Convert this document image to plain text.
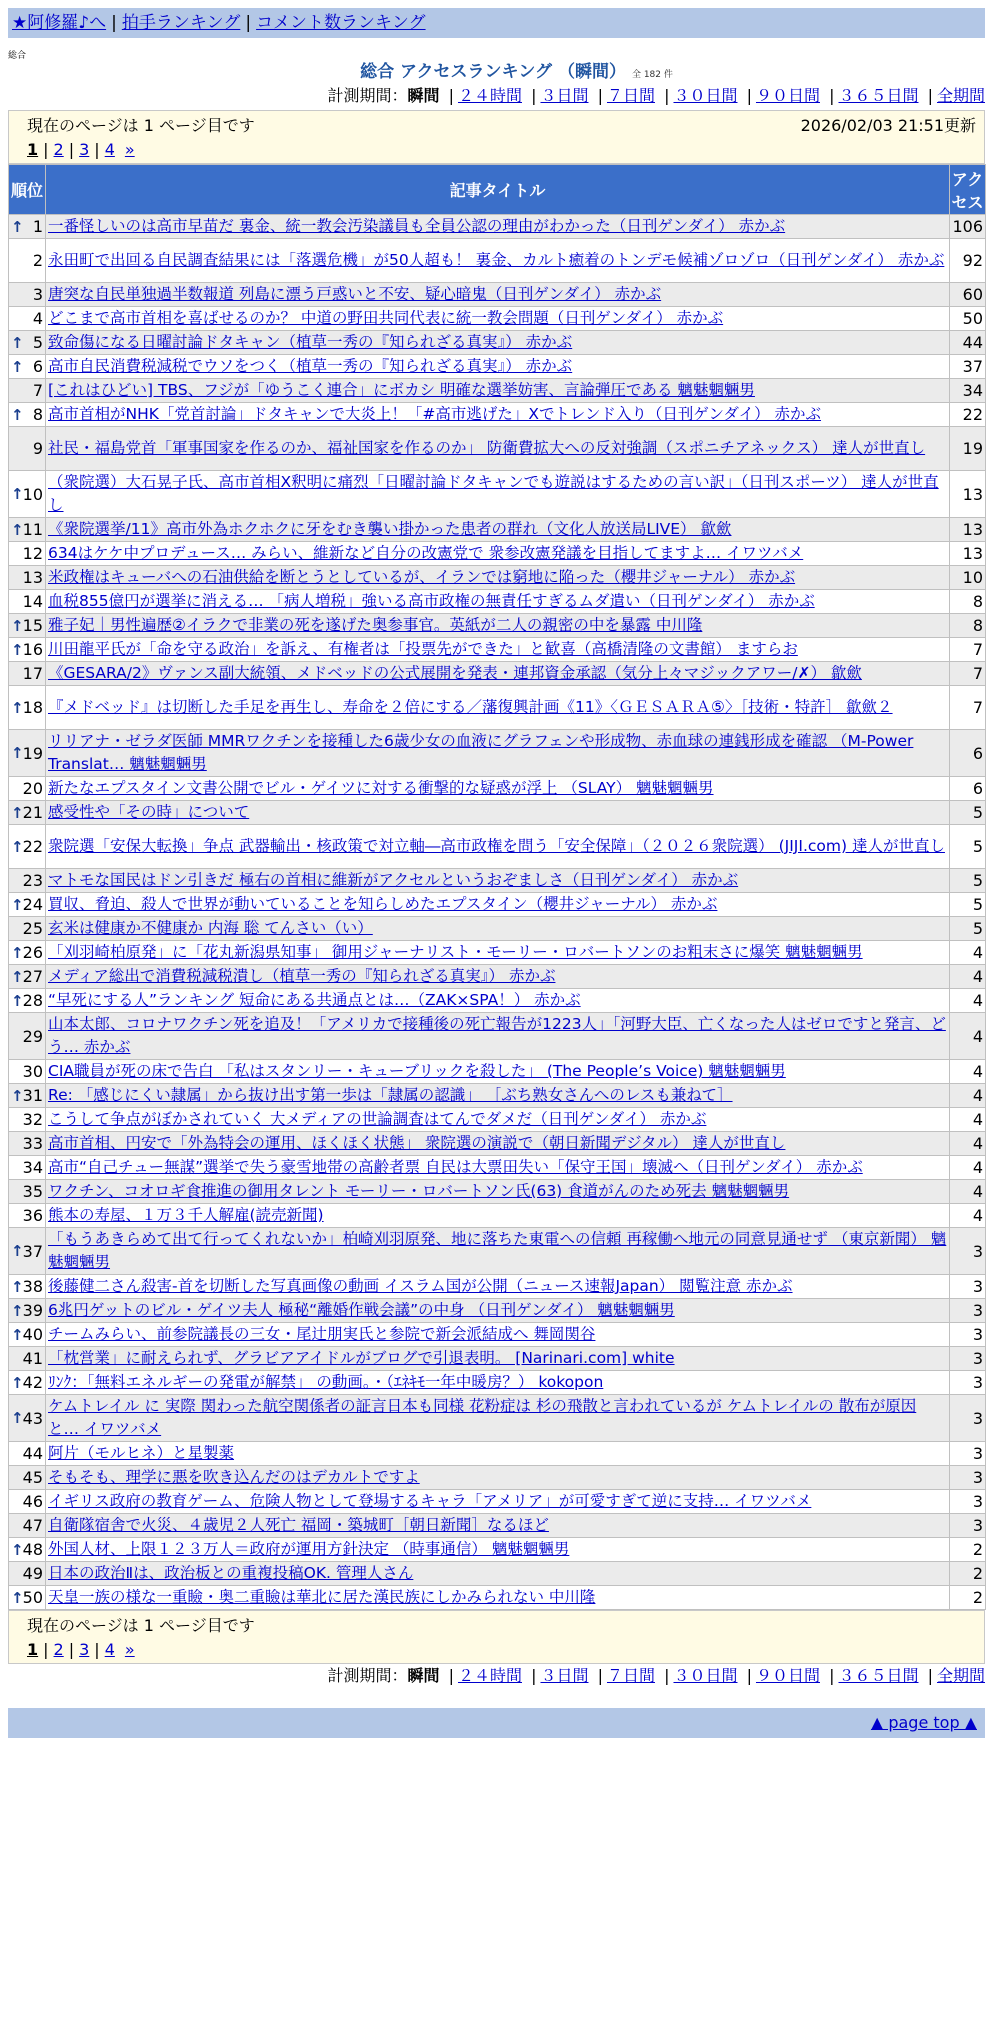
★阿修羅♪へ | 拍手ランキング | コメント数ランキング
総合
総合 アクセスランキング （瞬間） 全 182 件
計測期間：瞬間 | ２４時間 | ３日間 | ７日間 | ３０日間 | ９０日間 | ３６５日間 | 全期間
現在のページは 1 ページ目です	2026/02/03 21:51更新
1 | 2 | 3 | 4 »
順位	記事タイトル	アクセス

↑ 1	一番怪しいのは高市早苗だ 裏金、統一教会汚染議員も全員公認の理由がわかった（日刊ゲンダイ） 赤かぶ	106
2	永田町で出回る自民調査結果には「落選危機」が50人超も！ 裏金、カルト癒着のトンデモ候補ゾロゾロ（日刊ゲンダイ） 赤かぶ	92
3	唐突な自民単独過半数報道 列島に漂う戸惑いと不安、疑心暗鬼（日刊ゲンダイ） 赤かぶ	60
4	どこまで高市首相を喜ばせるのか？ 中道の野田共同代表に統一教会問題（日刊ゲンダイ） 赤かぶ	50

↑ 5	致命傷になる日曜討論ドタキャン（植草一秀の『知られざる真実』） 赤かぶ	44

↑ 6	高市自民消費税減税でウソをつく（植草一秀の『知られざる真実』） 赤かぶ	37
7	[これはひどい] TBS、フジが「ゆうこく連合」にボカシ 明確な選挙妨害、言論弾圧である 魑魅魍魎男	34

↑ 8	高市首相がNHK「党首討論」ドタキャンで大炎上！「#高市逃げた」Xでトレンド入り（日刊ゲンダイ） 赤かぶ	22
9	社民・福島党首「軍事国家を作るのか、福祉国家を作るのか」 防衛費拡大への反対強調（スポニチアネックス） 達人が世直し	19

↑ 10	（衆院選）大石晃子氏、高市首相X釈明に痛烈「日曜討論ドタキャンでも遊説はするための言い訳」（日刊スポーツ） 達人が世直し	13

↑ 11	《衆院選挙/11》高市外為ホクホクに牙をむき襲い掛かった患者の群れ（文化人放送局LIVE） 歙歛	13
12	634はケケ中プロデュース… みらい、維新など自分の改憲党で 衆参改憲発議を目指してますよ… イワツバメ	13
13	米政権はキューバへの石油供給を断とうとしているが、イランでは窮地に陥った（櫻井ジャーナル） 赤かぶ	10
14	血税855億円が選挙に消える… 「病人増税」強いる高市政権の無責任すぎるムダ遣い（日刊ゲンダイ） 赤かぶ	8

↑ 15	雅子妃｜男性遍歴②イラクで非業の死を遂げた奥参事官。英紙が二人の親密の中を暴露 中川隆	8

↑ 16	川田龍平氏が「命を守る政治」を訴え、有権者は「投票先ができた」と歓喜（高橋清隆の文書館） ますらお	7
17	《GESARA/2》ヴァンス副大統領、メドベッドの公式展開を発表・連邦資金承認（気分上々マジックアワー/✗） 歙歛	7

↑ 18	『メドベッド』は切断した手足を再生し、寿命を２倍にする／藩復興計画《11》〈ＧＥＳＡＲＡ⑤〉［技術・特許］ 歙歛２	7

↑ 19	リリアナ・ゼラダ医師 MMRワクチンを接種した6歳少女の血液にグラフェンや形成物、赤血球の連銭形成を確認 （M-Power Translat… 魑魅魍魎男	6
20	新たなエプスタイン文書公開でビル・ゲイツに対する衝撃的な疑惑が浮上 （SLAY） 魑魅魍魎男	6

↑ 21	感受性や「その時」について	5

↑ 22	衆院選「安保大転換」争点 武器輸出・核政策で対立軸―高市政権を問う「安全保障」（２０２６衆院選） (JIJI.com) 達人が世直し	5
23	マトモな国民はドン引きだ 極右の首相に維新がアクセルというおぞましさ（日刊ゲンダイ） 赤かぶ	5

↑ 24	買収、脅迫、殺人で世界が動いていることを知らしめたエプスタイン（櫻井ジャーナル） 赤かぶ	5
25	玄米は健康か不健康か 内海 聡 てんさい（い）	5

↑ 26	「刈羽崎柏原発」に「花丸新潟県知事」 御用ジャーナリスト・モーリー・ロバートソンのお粗末さに爆笑 魑魅魍魎男	4

↑ 27	メディア総出で消費税減税潰し（植草一秀の『知られざる真実』） 赤かぶ	4

↑ 28	“早死にする人”ランキング 短命にある共通点とは…（ZAK×SPA！） 赤かぶ	4
29	山本太郎、コロナワクチン死を追及！「アメリカで接種後の死亡報告が1223人」「河野大臣、亡くなった人はゼロですと発言、どう… 赤かぶ	4
30	CIA職員が死の床で告白 「私はスタンリー・キューブリックを殺した」 (The People’s Voice) 魑魅魍魎男	4

↑ 31	Re: 「感じにくい隷属」から抜け出す第一歩は「隷属の認識」 ［ぶち熟女さんへのレスも兼ねて］	4
32	こうして争点がぼかされていく 大メディアの世論調査はてんでダメだ（日刊ゲンダイ） 赤かぶ	4
33	高市首相、円安で「外為特会の運用、ほくほく状態」 衆院選の演説で（朝日新聞デジタル） 達人が世直し	4
34	高市“自己チュー無謀”選挙で失う豪雪地帯の高齢者票 自民は大票田失い「保守王国」壊滅へ（日刊ゲンダイ） 赤かぶ	4
35	ワクチン、コオロギ食推進の御用タレント モーリー・ロバートソン氏(63) 食道がんのため死去 魑魅魍魎男	4
36	熊本の寿屋、１万３千人解雇(読売新聞)	4

↑ 37	「もうあきらめて出て行ってくれないか」柏崎刈羽原発、地に落ちた東電への信頼 再稼働へ地元の同意見通せず （東京新聞） 魑魅魍魎男	3

↑ 38	後藤健二さん殺害-首を切断した写真画像の動画 イスラム国が公開（ニュース速報Japan） 閲覧注意 赤かぶ	3

↑ 39	6兆円ゲットのビル・ゲイツ夫人 極秘“離婚作戦会議”の中身 （日刊ゲンダイ） 魑魅魍魎男	3

↑ 40	チームみらい、前参院議長の三女・尾辻朋実氏と参院で新会派結成へ 舞岡関谷	3
41	「枕営業」に耐えられず、グラビアアイドルがブログで引退表明。 [Narinari.com] white	3

↑ 42	ﾘﾝｸ：「無料エネルギーの発電が解禁」 の動画。・（ｴﾈｷﾓ一年中暖房？） kokopon	3

↑ 43	ケムトレイル に 実際 関わった航空関係者の証言日本も同様 花粉症は 杉の飛散と言われているが ケムトレイルの 散布が原因と… イワツバメ	3
44	阿片（モルヒネ）と星製薬	3
45	そもそも、理学に悪を吹き込んだのはデカルトですよ	3
46	イギリス政府の教育ゲーム、危険人物として登場するキャラ「アメリア」が可愛すぎて逆に支持… イワツバメ	3
47	自衛隊宿舎で火災、４歳児２人死亡 福岡・築城町［朝日新聞］なるほど	3

↑ 48	外国人材、上限１２３万人＝政府が運用方針決定 （時事通信） 魑魅魍魎男	2
49	日本の政治Ⅱは、政治板との重複投稿OK. 管理人さん	2

↑ 50	天皇一族の様な一重瞼・奥二重瞼は華北に居た漢民族にしかみられない 中川隆	2
現在のページは 1 ページ目です
1 | 2 | 3 | 4 »
計測期間：瞬間 | ２４時間 | ３日間 | ７日間 | ３０日間 | ９０日間 | ３６５日間 | 全期間
▲ page top ▲
